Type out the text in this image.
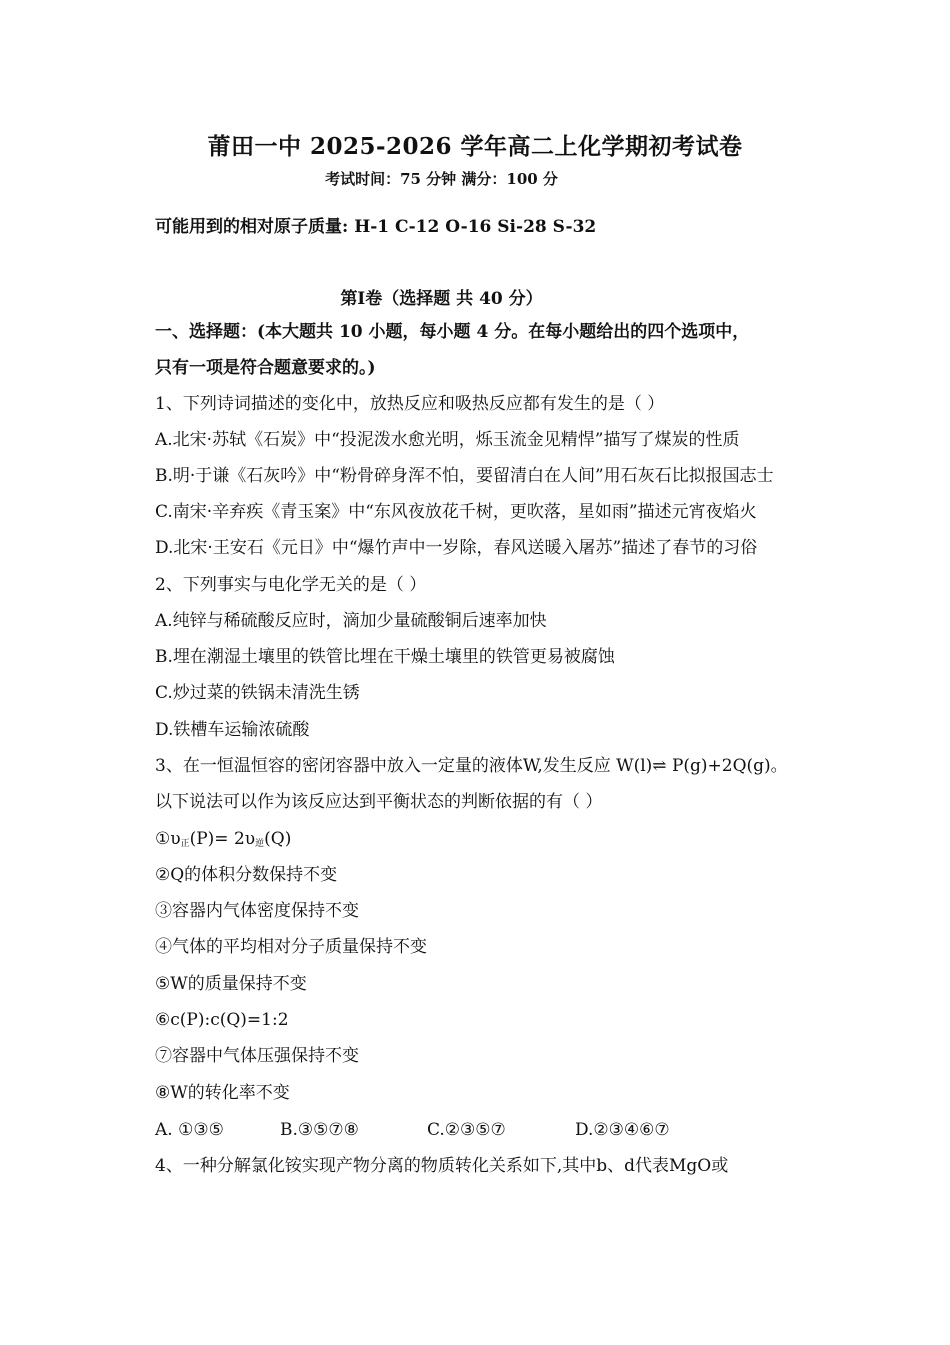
莆田一中 2025-2026 学年高二上化学期初考试卷
考试时间：75 分钟 满分：100 分
可能用到的相对原子质量: H-1 C-12 O-16 Si-28 S-32
第I卷（选择题 共 40 分）
一、选择题：(本大题共 10 小题，每小题 4 分。在每小题给出的四个选项中，
只有一项是符合题意要求的。)
1、下列诗词描述的变化中，放热反应和吸热反应都有发生的是（ ）
A.北宋·苏轼《石炭》中“投泥泼水愈光明，烁玉流金见精悍”描写了煤炭的性质
B.明·于谦《石灰吟》中“粉骨碎身浑不怕，要留清白在人间”用石灰石比拟报国志士
C.南宋·辛弃疾《青玉案》中“东风夜放花千树，更吹落，星如雨”描述元宵夜焰火
D.北宋·王安石《元日》中“爆竹声中一岁除，春风送暖入屠苏”描述了春节的习俗
2、下列事实与电化学无关的是（ ）
A.纯锌与稀硫酸反应时，滴加少量硫酸铜后速率加快
B.埋在潮湿土壤里的铁管比埋在干燥土壤里的铁管更易被腐蚀
C.炒过菜的铁锅未清洗生锈
D.铁槽车运输浓硫酸
3、在一恒温恒容的密闭容器中放入一定量的液体W,发生反应 W(l)⇌ P(g)+2Q(g)。
以下说法可以作为该反应达到平衡状态的判断依据的有（ ）
$①\upsilon_正(P)= 2\upsilon_逆(Q)$
②Q的体积分数保持不变
③容器内气体密度保持不变
④气体的平均相对分子质量保持不变
⑤W的质量保持不变
⑥c(P):c(Q)=1:2
⑦容器中气体压强保持不变
⑧W的转化率不变
A. ①③⑤	B.③⑤⑦⑧	C.②③⑤⑦	D.②③④⑥⑦
4、一种分解氯化铵实现产物分离的物质转化关系如下,其中b、d代表MgO或
